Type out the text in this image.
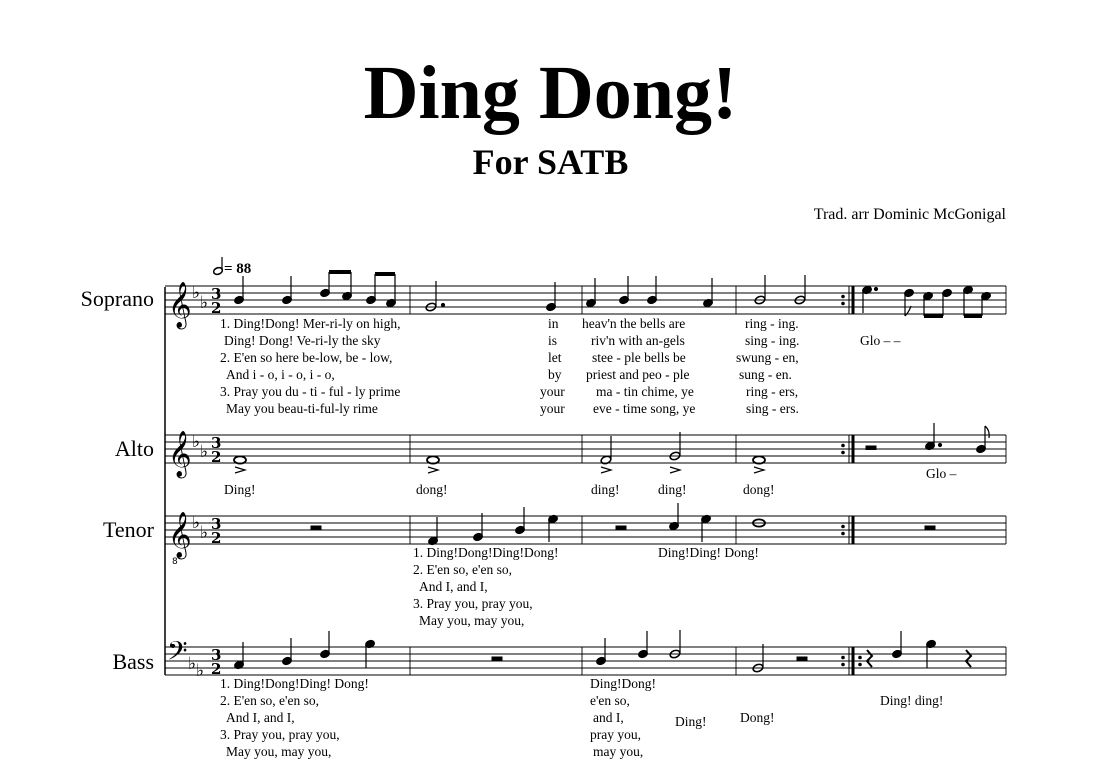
Ding Dong!
For SATB
Trad. arr Dominic McGonigal
Soprano
Alto
Tenor
Bass
= 88
𝄞
𝄞
𝄞
8
𝄢
♭ ♭
♭ ♭
♭ ♭
♭ ♭
3
2
3
2
3
2
3
2
1. Ding!Dong! Mer-ri-ly on high,	in heav'n the bells are	ring - ing.
Ding! Dong! Ve-ri-ly the sky	is	riv'n with an-gels	sing - ing.	Glo – –
2. E'en so here be-low, be - low,	let stee - ple bells be	swung - en,
And i - o, i - o, i - o,	by priest and peo - ple	sung - en.
3. Pray you du - ti - ful - ly prime	your ma - tin chime, ye	ring - ers,
May you beau-ti-ful-ly rime	your eve - time song, ye	sing - ers.
Ding!	dong!	ding!	ding!	dong!
Glo –
1. Ding!Dong!Ding!Dong!	Ding!Ding! Dong!
2. E'en so, e'en so,
And I, and I,
3. Pray you, pray you,
May you, may you,
1. Ding!Dong!Ding! Dong!	Ding!Dong!
2. E'en so, e'en so,	e'en so,	Ding! ding!
And I, and I,	and I,	Ding! Dong!
3. Pray you, pray you,	pray you,
May you, may you,	may you,
